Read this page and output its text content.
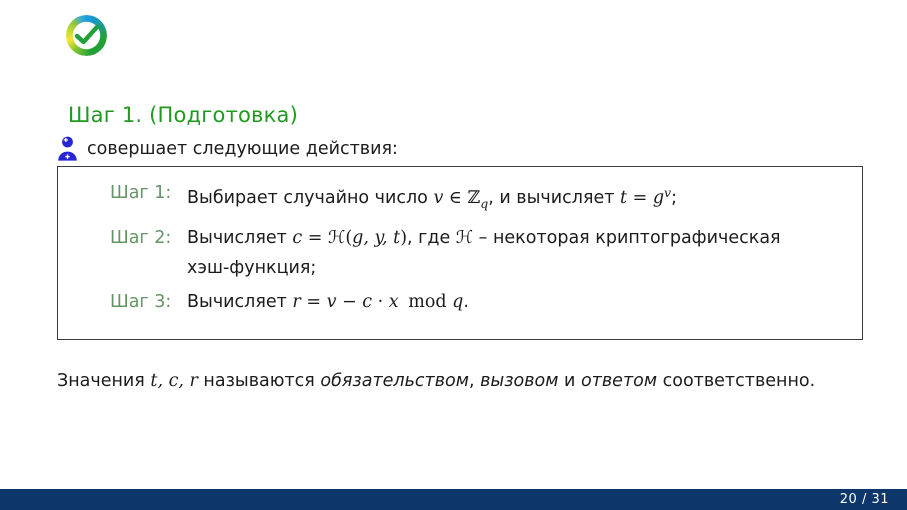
Шаг 1. (Подготовка)
совершает следующие действия:
Шаг 1: Выбирает случайно число v ∈ ℤ$_q$, и вычисляет $t = g^v$;
Шаг 2: Вычисляет c = ℋ(g, y, t), где ℋ – некоторая криптографическая
хэш-функция;
Шаг 3: Вычисляет r = v − c · x mod q.

Значения t, c, r называются обязательством, вызовом и ответом соответственно.

20 / 31
